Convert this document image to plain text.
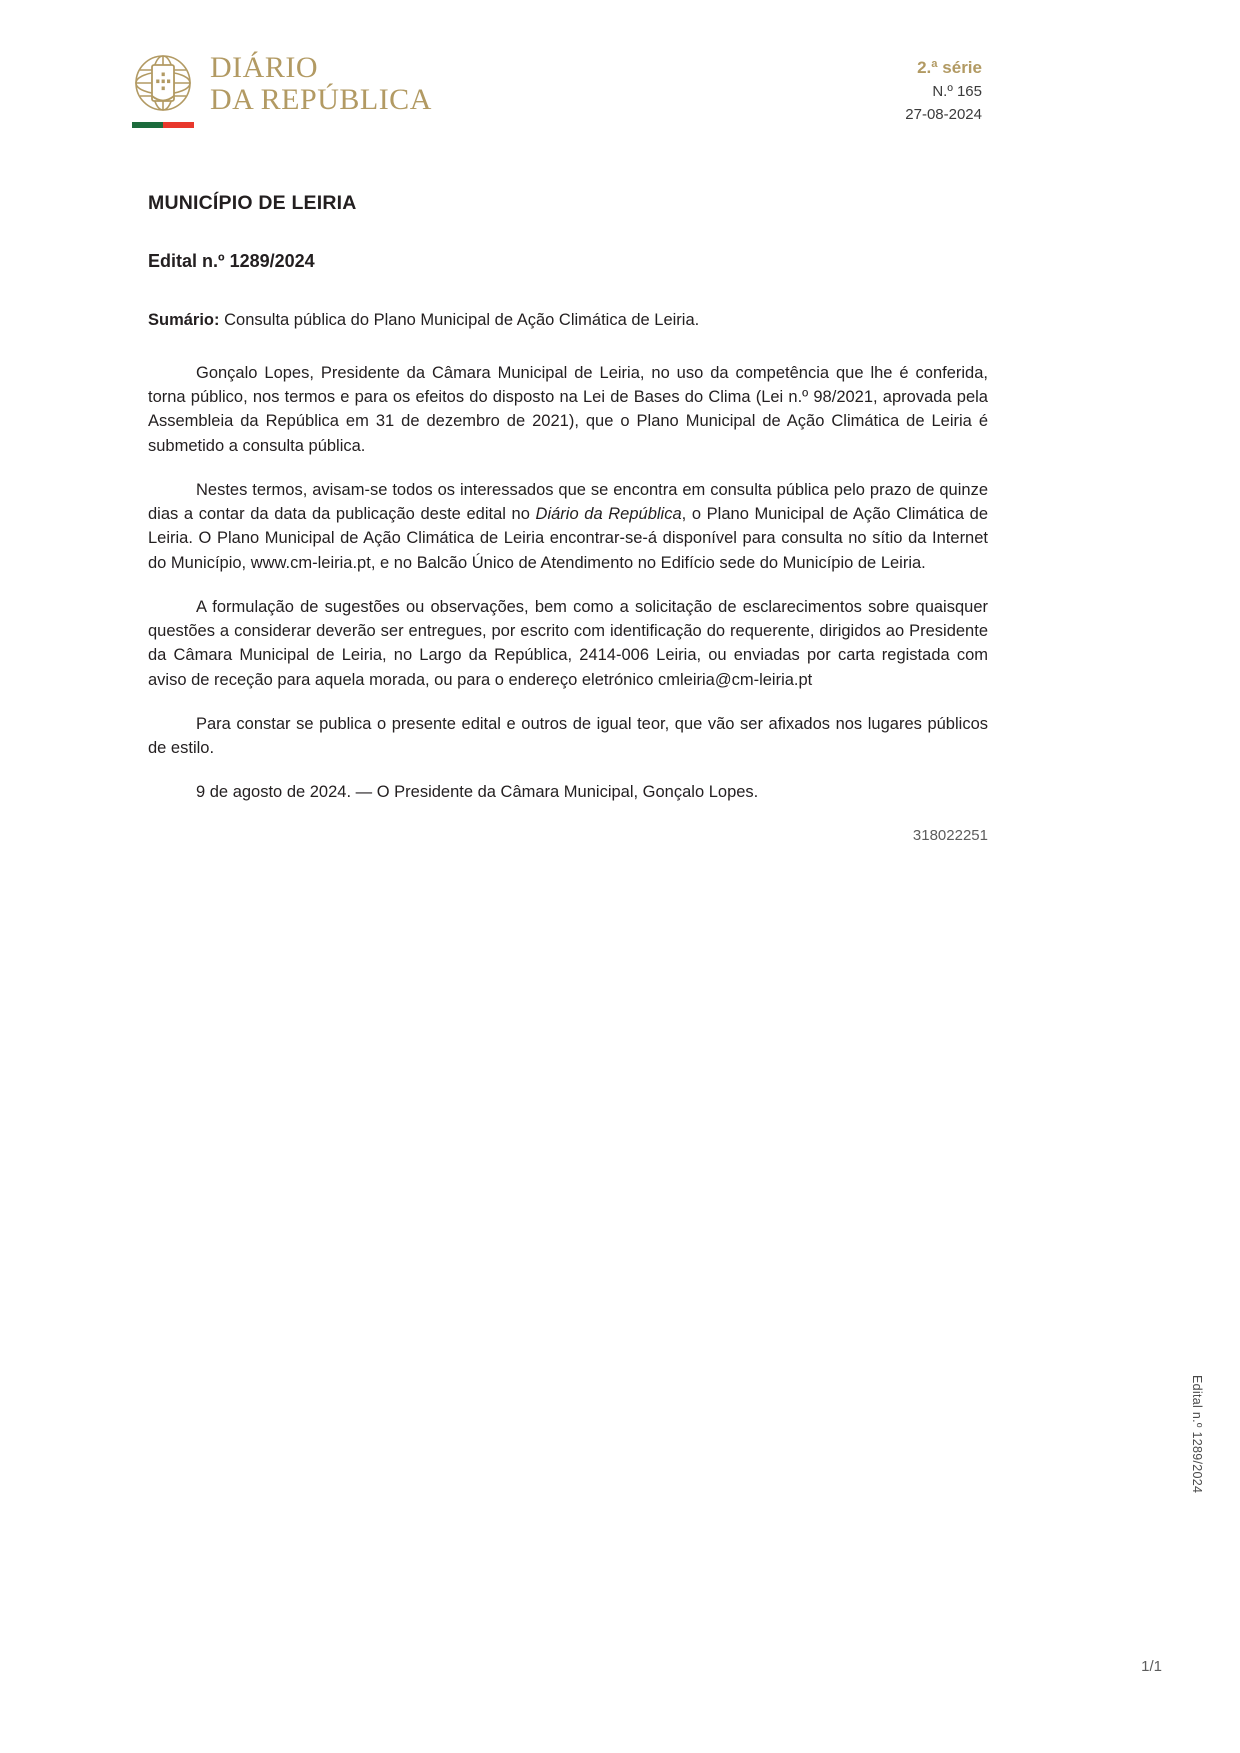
DIÁRIO
DA REPÚBLICA
2.ª série
N.º 165
27-08-2024
MUNICÍPIO DE LEIRIA
Edital n.º 1289/2024

Sumário: Consulta pública do Plano Municipal de Ação Climática de Leiria.

Gonçalo Lopes, Presidente da Câmara Municipal de Leiria, no uso da competência que lhe é conferida, torna público, nos termos e para os efeitos do disposto na Lei de Bases do Clima (Lei n.º 98/2021, aprovada pela Assembleia da República em 31 de dezembro de 2021), que o Plano Municipal de Ação Climática de Leiria é submetido a consulta pública.

Nestes termos, avisam-se todos os interessados que se encontra em consulta pública pelo prazo de quinze dias a contar da data da publicação deste edital no Diário da República, o Plano Municipal de Ação Climática de Leiria. O Plano Municipal de Ação Climática de Leiria encontrar-se-á disponível para consulta no sítio da Internet do Município, www.cm-leiria.pt, e no Balcão Único de Atendimento no Edifício sede do Município de Leiria.

A formulação de sugestões ou observações, bem como a solicitação de esclarecimentos sobre quaisquer questões a considerar deverão ser entregues, por escrito com identificação do requerente, dirigidos ao Presidente da Câmara Municipal de Leiria, no Largo da República, 2414-006 Leiria, ou enviadas por carta registada com aviso de receção para aquela morada, ou para o endereço eletrónico cmleiria@cm-leiria.pt

Para constar se publica o presente edital e outros de igual teor, que vão ser afixados nos lugares públicos de estilo.

9 de agosto de 2024. — O Presidente da Câmara Municipal, Gonçalo Lopes.

318022251
Edital n.º 1289/2024
1/1
